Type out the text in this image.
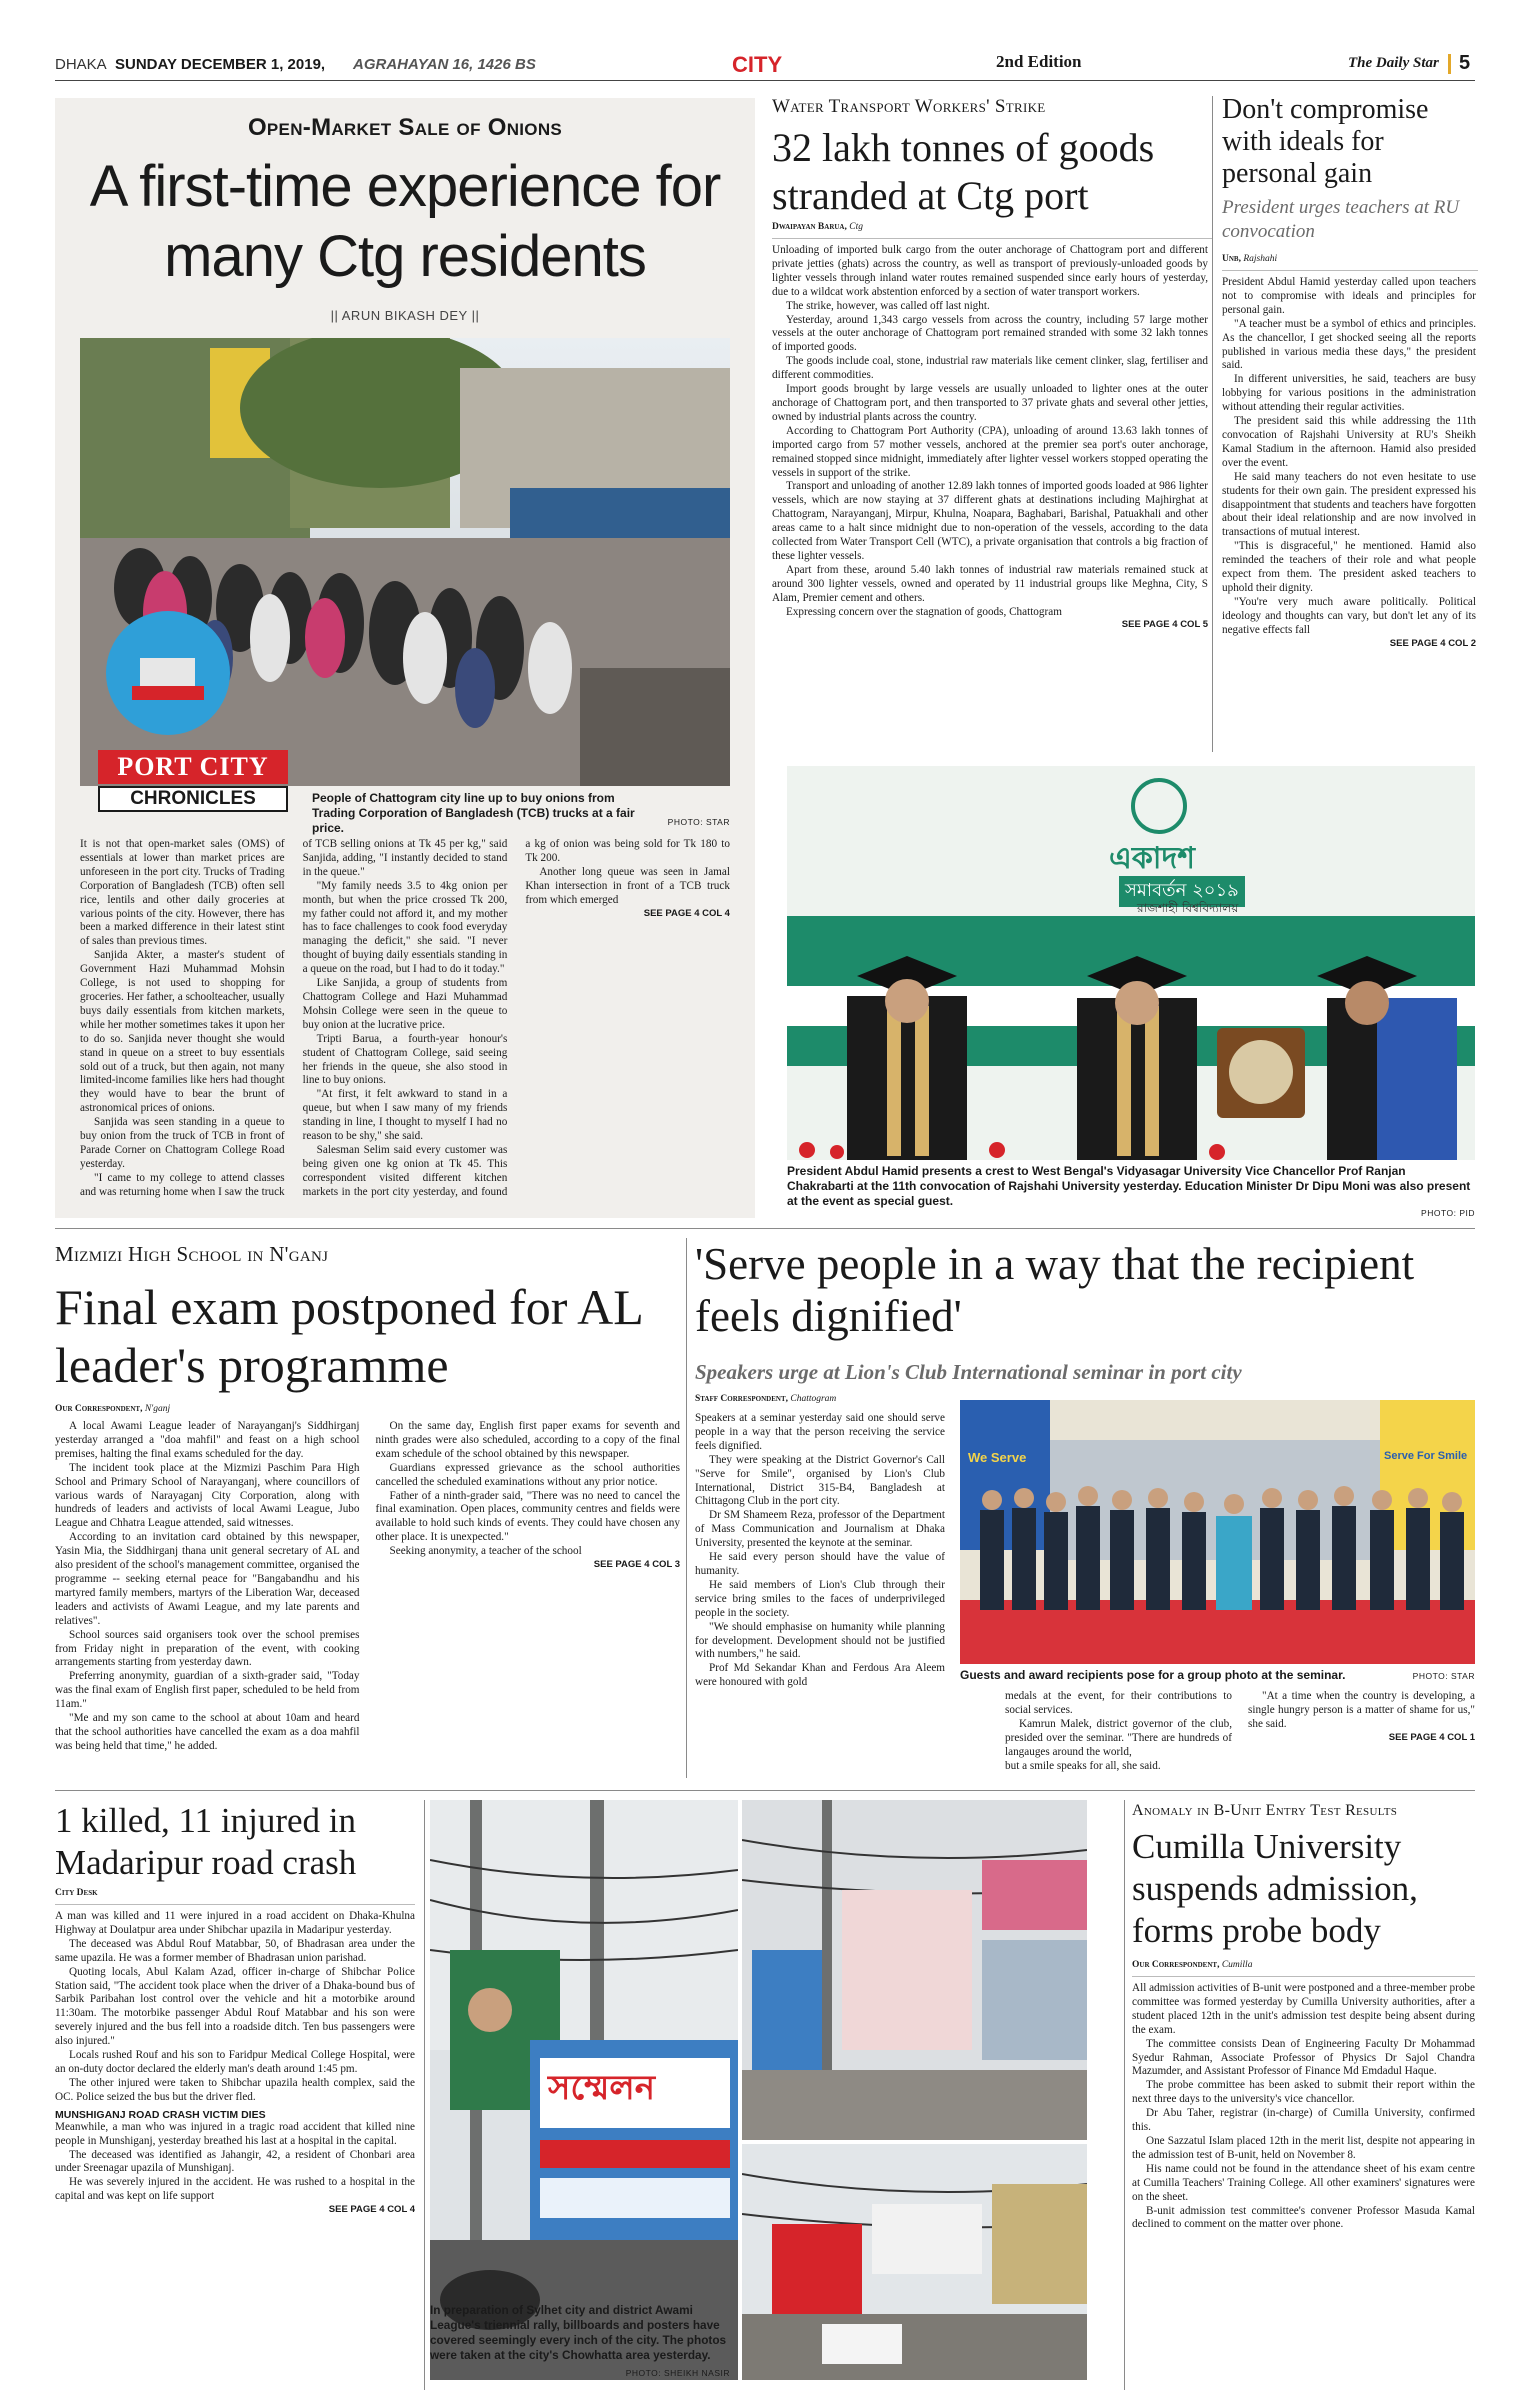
DHAKA SUNDAY DECEMBER 1, 2019, AGRAHAYAN 16, 1426 BS	CITY	2nd Edition	The Daily Star 5
Open-Market Sale of Onions
A first-time experience for many Ctg residents
|| ARUN BIKASH DEY ||
PORT CITY
CHRONICLES	People of Chattogram city line up to buy onions from Trading Corporation of Bangladesh (TCB) trucks at a fair price.	PHOTO: STAR

It is not that open-market sales (OMS) of essentials at lower than market prices are unforeseen in the port city. Trucks of Trading Corporation of Bangladesh (TCB) often sell rice, lentils and other daily groceries at various points of the city. However, there has been a marked difference in their latest stint of sales than previous times.

Sanjida Akter, a master's student of Government Hazi Muhammad Mohsin College, is not used to shopping for groceries. Her father, a schoolteacher, usually buys daily essentials from kitchen markets, while her mother sometimes takes it upon her to do so. Sanjida never thought she would stand in queue on a street to buy essentials sold out of a truck, but then again, not many limited-income families like hers had thought they would have to bear the brunt of astronomical prices of onions.

Sanjida was seen standing in a queue to buy onion from the truck of TCB in front of Parade Corner on Chattogram College Road yesterday.

"I came to my college to attend classes and was returning home when I saw the truck of TCB selling onions at Tk 45 per kg," said Sanjida, adding, "I instantly decided to stand in the queue."

"My family needs 3.5 to 4kg onion per month, but when the price crossed Tk 200, my father could not afford it, and my mother has to face challenges to cook food everyday managing the deficit," she said. "I never thought of buying daily essentials standing in a queue on the road, but I had to do it today."

Like Sanjida, a group of students from Chattogram College and Hazi Muhammad Mohsin College were seen in the queue to buy onion at the lucrative price.

Tripti Barua, a fourth-year honour's student of Chattogram College, said seeing her friends in the queue, she also stood in line to buy onions.

"At first, it felt awkward to stand in a queue, but when I saw many of my friends standing in line, I thought to myself I had no reason to be shy," she said.

Salesman Selim said every customer was being given one kg onion at Tk 45. This correspondent visited different kitchen markets in the port city yesterday, and found a kg of onion was being sold for Tk 180 to Tk 200.

Another long queue was seen in Jamal Khan intersection in front of a TCB truck from which emerged

SEE PAGE 4 COL 4

Water Transport Workers' Strike
32 lakh tonnes of goods stranded at Ctg port
Dwaipayan Barua, Ctg

Unloading of imported bulk cargo from the outer anchorage of Chattogram port and different private jetties (ghats) across the country, as well as transport of previously-unloaded goods by lighter vessels through inland water routes remained suspended since early hours of yesterday, due to a wildcat work abstention enforced by a section of water transport workers.

The strike, however, was called off last night.

Yesterday, around 1,343 cargo vessels from across the country, including 57 large mother vessels at the outer anchorage of Chattogram port remained stranded with some 32 lakh tonnes of imported goods.

The goods include coal, stone, industrial raw materials like cement clinker, slag, fertiliser and different commodities.

Import goods brought by large vessels are usually unloaded to lighter ones at the outer anchorage of Chattogram port, and then transported to 37 private ghats and several other jetties, owned by industrial plants across the country.

According to Chattogram Port Authority (CPA), unloading of around 13.63 lakh tonnes of imported cargo from 57 mother vessels, anchored at the premier sea port's outer anchorage, remained stopped since midnight, immediately after lighter vessel workers stopped operating the vessels in support of the strike.

Transport and unloading of another 12.89 lakh tonnes of imported goods loaded at 986 lighter vessels, which are now staying at 37 different ghats at destinations including Majhirghat at Chattogram, Narayanganj, Mirpur, Khulna, Noapara, Baghabari, Barishal, Patuakhali and other areas came to a halt since midnight due to non-operation of the vessels, according to the data collected from Water Transport Cell (WTC), a private organisation that controls a big fraction of these lighter vessels.

Apart from these, around 5.40 lakh tonnes of industrial raw materials remained stuck at around 300 lighter vessels, owned and operated by 11 industrial groups like Meghna, City, S Alam, Premier cement and others.

Expressing concern over the stagnation of goods, Chattogram

SEE PAGE 4 COL 5

Don't compromise with ideals for personal gain
President urges teachers at RU convocation
Unb, Rajshahi

President Abdul Hamid yesterday called upon teachers not to compromise with ideals and principles for personal gain.

"A teacher must be a symbol of ethics and principles. As the chancellor, I get shocked seeing all the reports published in various media these days," the president said.

In different universities, he said, teachers are busy lobbying for various positions in the administration without attending their regular activities.

The president said this while addressing the 11th convocation of Rajshahi University at RU's Sheikh Kamal Stadium in the afternoon. Hamid also presided over the event.

He said many teachers do not even hesitate to use students for their own gain. The president expressed his disappointment that students and teachers have forgotten about their ideal relationship and are now involved in transactions of mutual interest.

"This is disgraceful," he mentioned. Hamid also reminded the teachers of their role and what people expect from them. The president asked teachers to uphold their dignity.

"You're very much aware politically. Political ideology and thoughts can vary, but don't let any of its negative effects fall

SEE PAGE 4 COL 2

একাদশ
সমাবর্তন ২০১৯
রাজশাহী বিশ্ববিদ্যালয়

President Abdul Hamid presents a crest to West Bengal's Vidyasagar University Vice Chancellor Prof Ranjan Chakrabarti at the 11th convocation of Rajshahi University yesterday. Education Minister Dr Dipu Moni was also present at the event as special guest.

PHOTO: PID
Mizmizi High School in N'ganj
Final exam postponed for AL leader's programme
Our Correspondent, N'ganj

A local Awami League leader of Narayanganj's Siddhirganj yesterday arranged a "doa mahfil" and feast on a high school premises, halting the final exams scheduled for the day.

The incident took place at the Mizmizi Paschim Para High School and Primary School of Narayanganj, where councillors of various wards of Narayaganj City Corporation, along with hundreds of leaders and activists of local Awami League, Jubo League and Chhatra League attended, said witnesses.

According to an invitation card obtained by this newspaper, Yasin Mia, the Siddhirganj thana unit general secretary of AL and also president of the school's management committee, organised the programme -- seeking eternal peace for "Bangabandhu and his martyred family members, martyrs of the Liberation War, deceased leaders and activists of Awami League, and my late parents and relatives".

School sources said organisers took over the school premises from Friday night in preparation of the event, with cooking arrangements starting from yesterday dawn.

Preferring anonymity, guardian of a sixth-grader said, "Today was the final exam of English first paper, scheduled to be held from 11am."

"Me and my son came to the school at about 10am and heard that the school authorities have cancelled the exam as a doa mahfil was being held that time," he added.

On the same day, English first paper exams for seventh and ninth grades were also scheduled, according to a copy of the final exam schedule of the school obtained by this newspaper.

Guardians expressed grievance as the school authorities cancelled the scheduled examinations without any prior notice.

Father of a ninth-grader said, "There was no need to cancel the final examination. Open places, community centres and fields were available to hold such kinds of events. They could have chosen any other place. It is unexpected."

Seeking anonymity, a teacher of the school

SEE PAGE 4 COL 3

'Serve people in a way that the recipient feels dignified'
Speakers urge at Lion's Club International seminar in port city
Staff Correspondent, Chattogram

Speakers at a seminar yesterday said one should serve people in a way that the person receiving the service feels dignified.

They were speaking at the District Governor's Call "Serve for Smile", organised by Lion's Club International, District 315-B4, Bangladesh at Chittagong Club in the port city.

Dr SM Shameem Reza, professor of the Department of Mass Communication and Journalism at Dhaka University, presented the keynote at the seminar.

He said every person should have the value of humanity.

He said members of Lion's Club through their service bring smiles to the faces of underprivileged people in the society.

"We should emphasise on humanity while planning for development. Development should not be justified with numbers," he said.

Prof Md Sekandar Khan and Ferdous Ara Aleem were honoured with gold

We Serve	Serve For Smile

Guests and award recipients pose for a group photo at the seminar.	PHOTO: STAR

medals at the event, for their contributions to social services.

Kamrun Malek, district governor of the club, presided over the seminar. "There are hundreds of langauges around the world,

but a smile speaks for all, she said.

"At a time when the country is developing, a single hungry person is a matter of shame for us," she said.

SEE PAGE 4 COL 1

1 killed, 11 injured in Madaripur road crash
City Desk

A man was killed and 11 were injured in a road accident on Dhaka-Khulna Highway at Doulatpur area under Shibchar upazila in Madaripur yesterday.

The deceased was Abdul Rouf Matabbar, 50, of Bhadrasan area under the same upazila. He was a former member of Bhadrasan union parishad.

Quoting locals, Abul Kalam Azad, officer in-charge of Shibchar Police Station said, "The accident took place when the driver of a Dhaka-bound bus of Sarbik Paribahan lost control over the vehicle and hit a motorbike around 11:30am. The motorbike passenger Abdul Rouf Matabbar and his son were severely injured and the bus fell into a roadside ditch. Ten bus passengers were also injured."

Locals rushed Rouf and his son to Faridpur Medical College Hospital, were an on-duty doctor declared the elderly man's death around 1:45 pm.

The other injured were taken to Shibchar upazila health complex, said the OC. Police seized the bus but the driver fled.

MUNSHIGANJ ROAD CRASH VICTIM DIES

Meanwhile, a man who was injured in a tragic road accident that killed nine people in Munshiganj, yesterday breathed his last at a hospital in the capital.

The deceased was identified as Jahangir, 42, a resident of Chonbari area under Sreenagar upazila of Munshiganj.

He was severely injured in the accident. He was rushed to a hospital in the capital and was kept on life support

SEE PAGE 4 COL 4

সম্মেলন

In preparation of Sylhet city and district Awami League's triennial rally, billboards and posters have covered seemingly every inch of the city. The photos were taken at the city's Chowhatta area yesterday.

PHOTO: SHEIKH NASIR
Anomaly in B-Unit Entry Test Results
Cumilla University suspends admission, forms probe body
Our Correspondent, Cumilla

All admission activities of B-unit were postponed and a three-member probe committee was formed yesterday by Cumilla University authorities, after a student placed 12th in the unit's admission test despite being absent during the exam.

The committee consists Dean of Engineering Faculty Dr Mohammad Syedur Rahman, Associate Professor of Physics Dr Sajol Chandra Mazumder, and Assistant Professor of Finance Md Emdadul Haque.

The probe committee has been asked to submit their report within the next three days to the university's vice chancellor.

Dr Abu Taher, registrar (in-charge) of Cumilla University, confirmed this.

One Sazzatul Islam placed 12th in the merit list, despite not appearing in the admission test of B-unit, held on November 8.

His name could not be found in the attendance sheet of his exam centre at Cumilla Teachers' Training College. All other examiners' signatures were on the sheet.

B-unit admission test committee's convener Professor Masuda Kamal declined to comment on the matter over phone.
